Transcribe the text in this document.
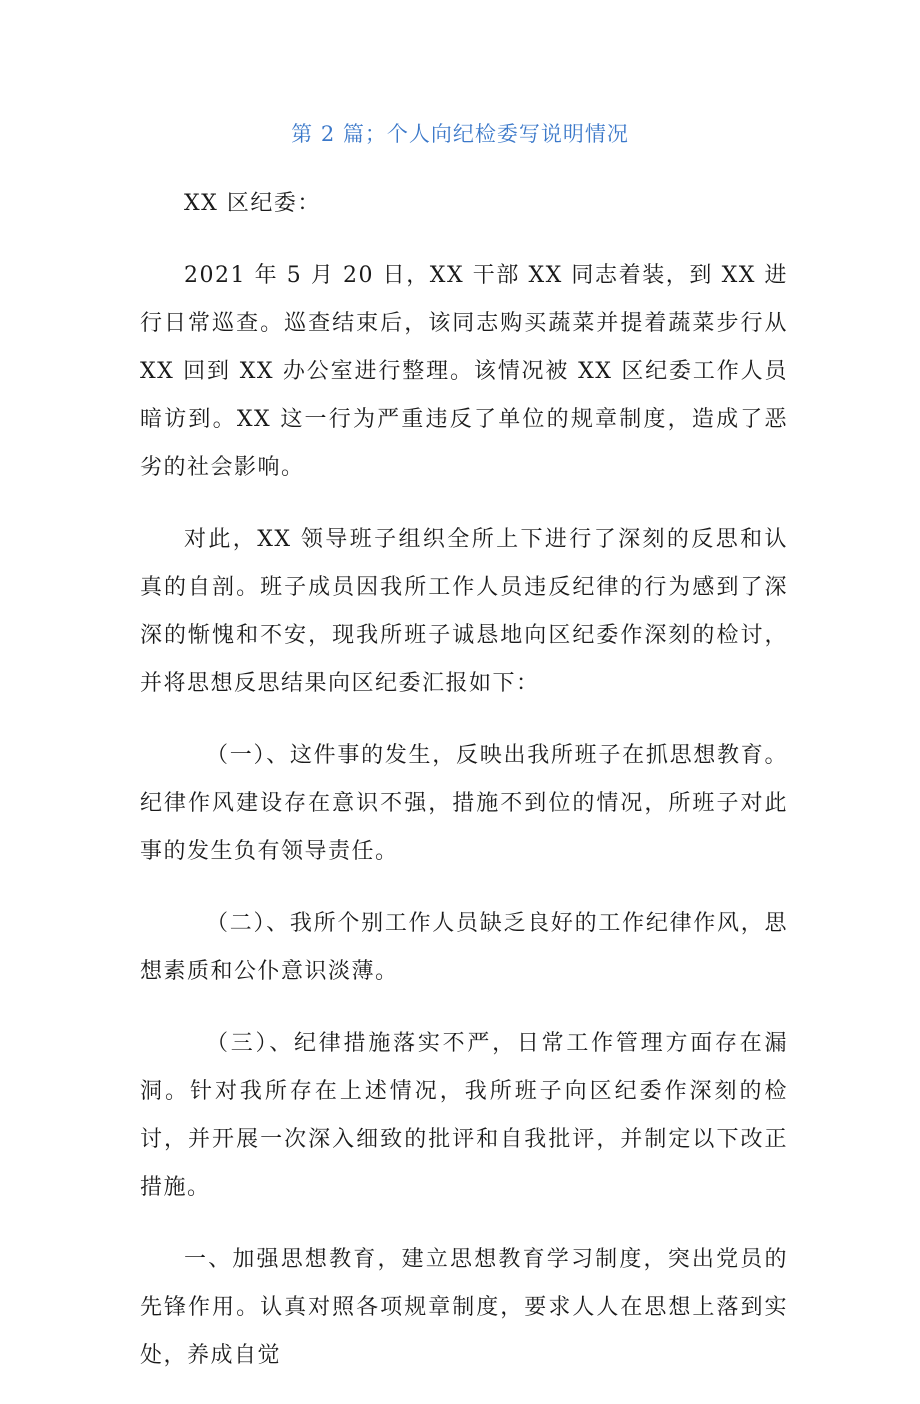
第 2 篇；个人向纪检委写说明情况

XX 区纪委：

2021 年 5 月 20 日，XX 干部 XX 同志着装，到 XX 进行日常巡查。巡查结束后，该同志购买蔬菜并提着蔬菜步行从 XX 回到 XX 办公室进行整理。该情况被 XX 区纪委工作人员暗访到。XX 这一行为严重违反了单位的规章制度，造成了恶劣的社会影响。

对此，XX 领导班子组织全所上下进行了深刻的反思和认真的自剖。班子成员因我所工作人员违反纪律的行为感到了深深的惭愧和不安，现我所班子诚恳地向区纪委作深刻的检讨，并将思想反思结果向区纪委汇报如下：

（一）、这件事的发生，反映出我所班子在抓思想教育。纪律作风建设存在意识不强，措施不到位的情况，所班子对此事的发生负有领导责任。

（二）、我所个别工作人员缺乏良好的工作纪律作风，思想素质和公仆意识淡薄。

（三）、纪律措施落实不严，日常工作管理方面存在漏洞。针对我所存在上述情况，我所班子向区纪委作深刻的检讨，并开展一次深入细致的批评和自我批评，并制定以下改正措施。

一、加强思想教育，建立思想教育学习制度，突出党员的先锋作用。认真对照各项规章制度，要求人人在思想上落到实处，养成自觉
